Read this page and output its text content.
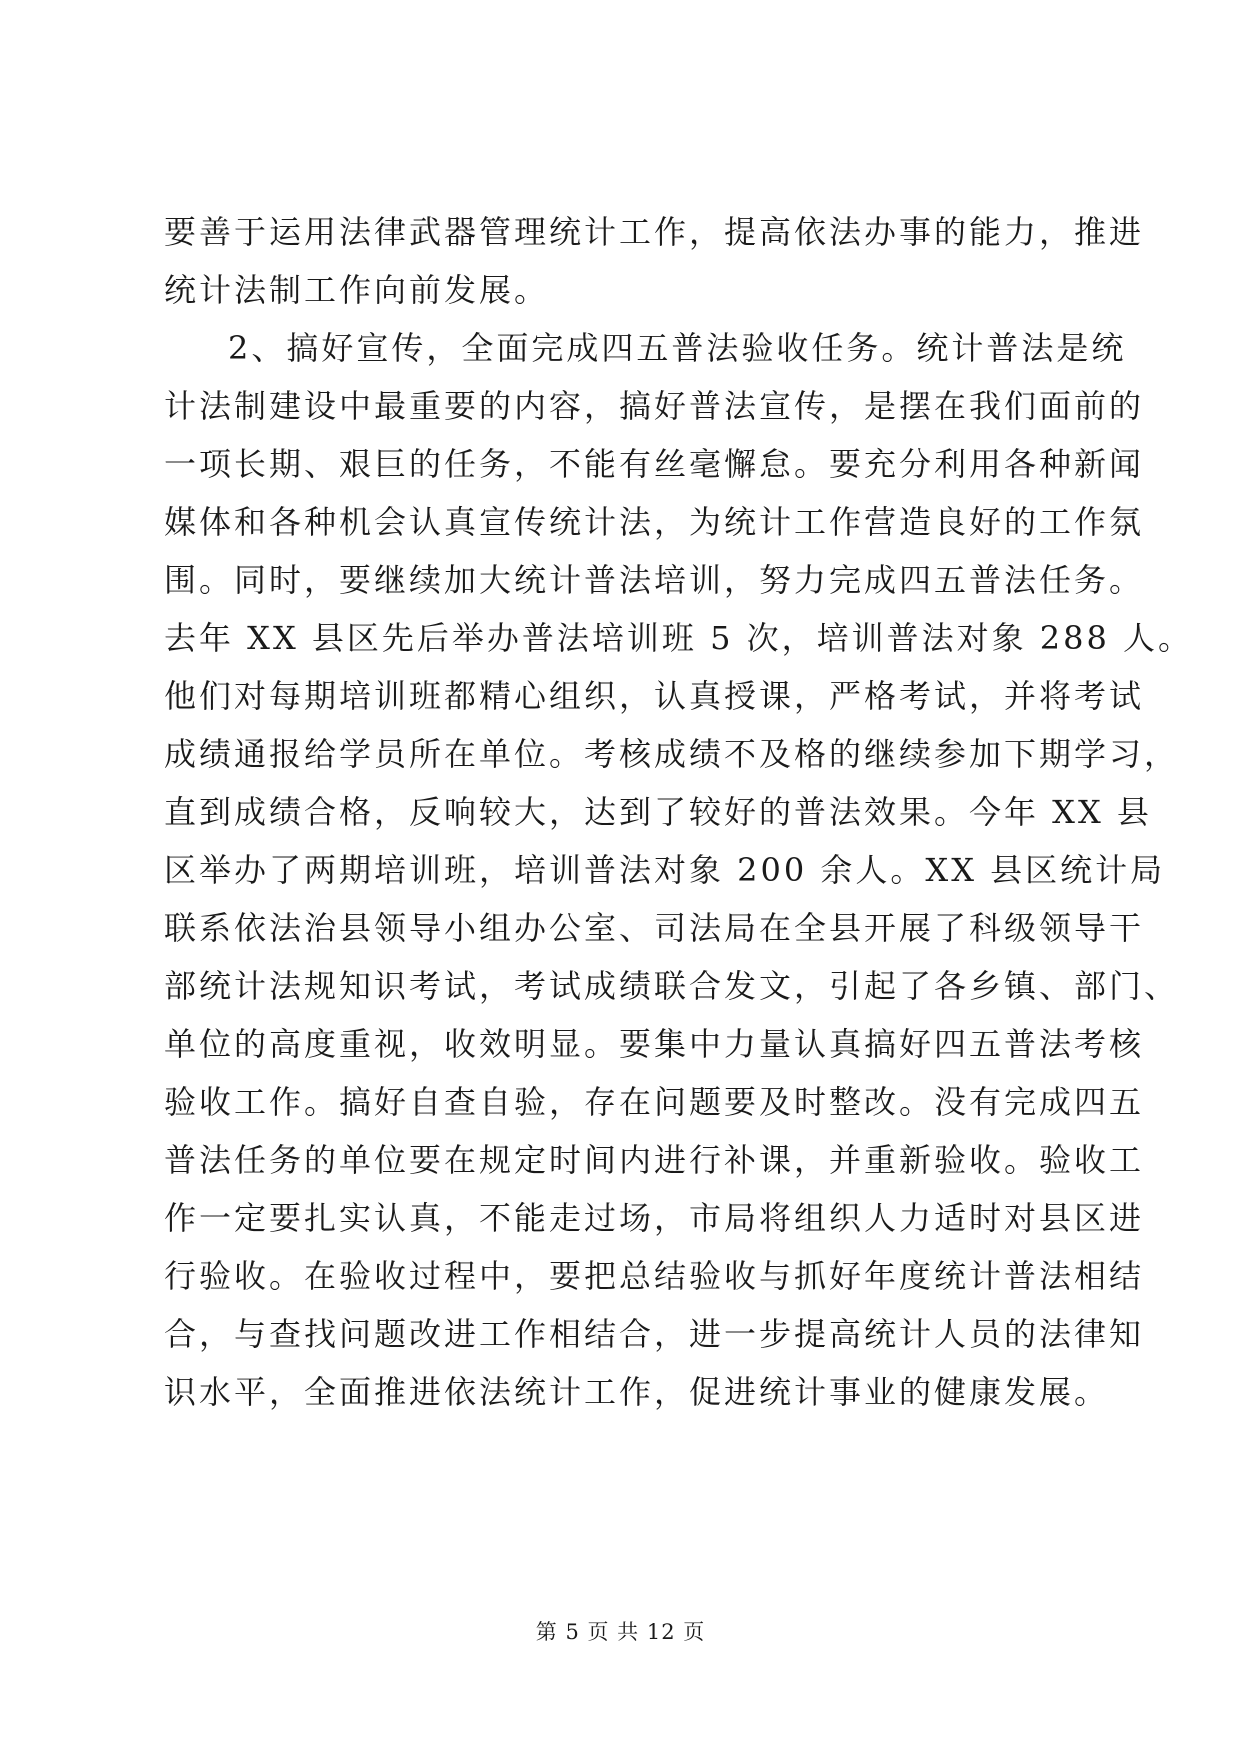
要善于运用法律武器管理统计工作，提高依法办事的能力，推进
统计法制工作向前发展。
2、搞好宣传，全面完成四五普法验收任务。统计普法是统
计法制建设中最重要的内容，搞好普法宣传，是摆在我们面前的
一项长期、艰巨的任务，不能有丝毫懈怠。要充分利用各种新闻
媒体和各种机会认真宣传统计法，为统计工作营造良好的工作氛
围。同时，要继续加大统计普法培训，努力完成四五普法任务。
去年 XX 县区先后举办普法培训班 5 次，培训普法对象 288 人。
他们对每期培训班都精心组织，认真授课，严格考试，并将考试
成绩通报给学员所在单位。考核成绩不及格的继续参加下期学习，
直到成绩合格，反响较大，达到了较好的普法效果。今年 XX 县
区举办了两期培训班，培训普法对象 200 余人。XX 县区统计局
联系依法治县领导小组办公室、司法局在全县开展了科级领导干
部统计法规知识考试，考试成绩联合发文，引起了各乡镇、部门、
单位的高度重视，收效明显。要集中力量认真搞好四五普法考核
验收工作。搞好自查自验，存在问题要及时整改。没有完成四五
普法任务的单位要在规定时间内进行补课，并重新验收。验收工
作一定要扎实认真，不能走过场，市局将组织人力适时对县区进
行验收。在验收过程中，要把总结验收与抓好年度统计普法相结
合，与查找问题改进工作相结合，进一步提高统计人员的法律知
识水平，全面推进依法统计工作，促进统计事业的健康发展。
第 5 页 共 12 页
